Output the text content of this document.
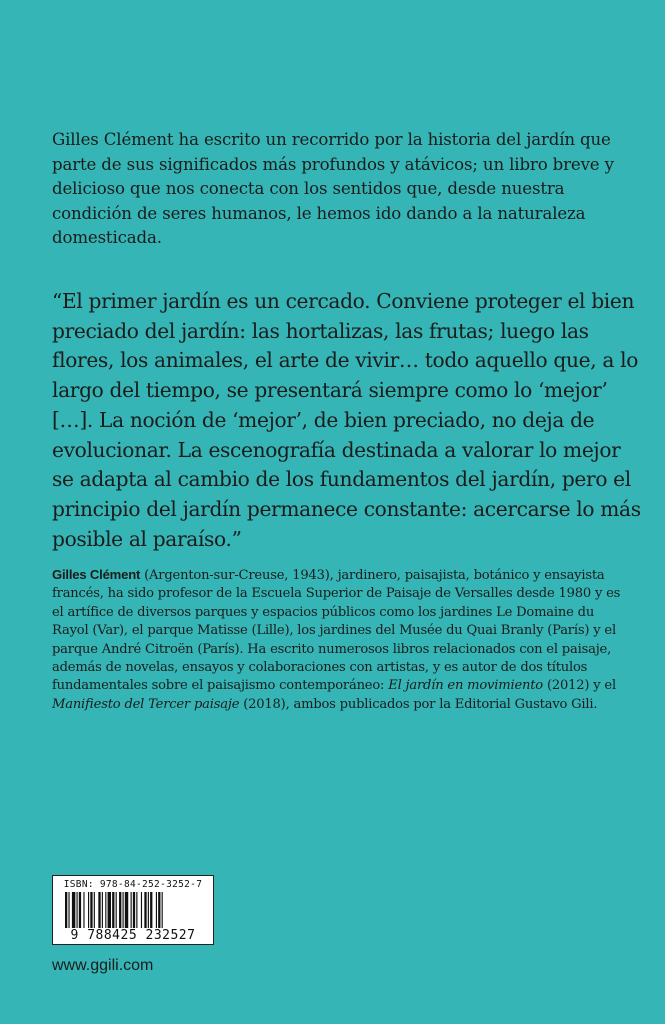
Gilles Clément ha escrito un recorrido por la historia del jardín que parte de sus significados más profundos y atávicos; un libro breve y delicioso que nos conecta con los sentidos que, desde nuestra condición de seres humanos, le hemos ido dando a la naturaleza domesticada.

“El primer jardín es un cercado. Conviene proteger el bien preciado del jardín: las hortalizas, las frutas; luego las flores, los animales, el arte de vivir… todo aquello que, a lo largo del tiempo, se presentará siempre como lo ‘mejor’ […]. La noción de ‘mejor’, de bien preciado, no deja de evolucionar. La escenografía destinada a valorar lo mejor se adapta al cambio de los fundamentos del jardín, pero el principio del jardín permanece constante: acercarse lo más posible al paraíso.”

Gilles Clément (Argenton-sur-Creuse, 1943), jardinero, paisajista, botánico y ensayista francés, ha sido profesor de la Escuela Superior de Paisaje de Versalles desde 1980 y es el artífice de diversos parques y espacios públicos como los jardines Le Domaine du Rayol (Var), el parque Matisse (Lille), los jardines del Musée du Quai Branly (París) y el parque André Citroën (París). Ha escrito numerosos libros relacionados con el paisaje, además de novelas, ensayos y colaboraciones con artistas, y es autor de dos títulos fundamentales sobre el paisajismo contemporáneo: El jardín en movimiento (2012) y el Manifiesto del Tercer paisaje (2018), ambos publicados por la Editorial Gustavo Gili.

ISBN: 978-84-252-3252-7
9 788425 232527
www.ggili.com
